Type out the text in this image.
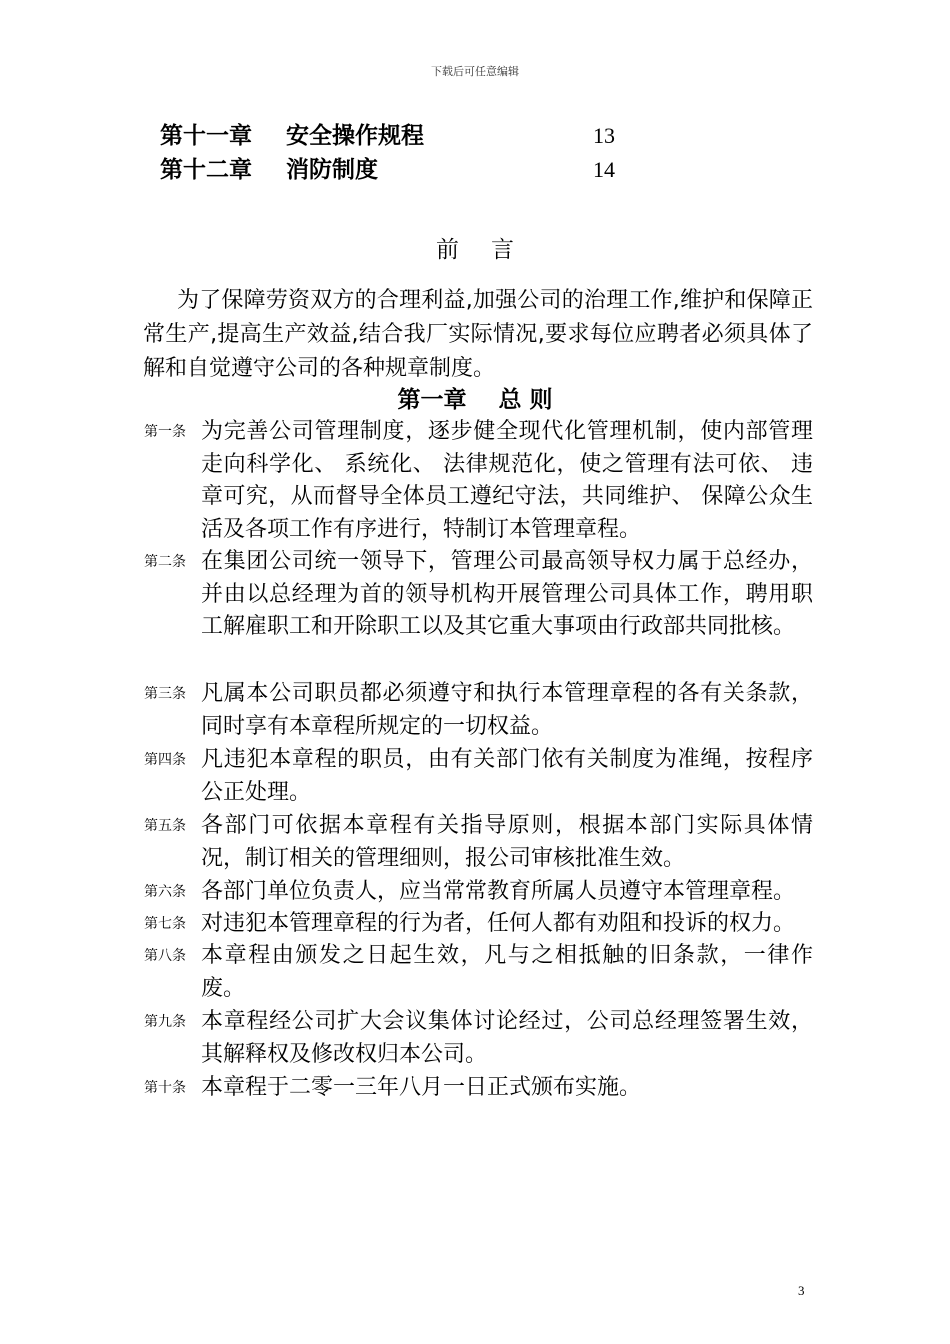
下载后可任意编辑
第十一章 安全操作规程	13
第十二章 消防制度	14
前言
为了保障劳资双方的合理利益,加强公司的治理工作,维护和保障正常生产,提高生产效益,结合我厂实际情况,要求每位应聘者必须具体了解和自觉遵守公司的各种规章制度。
第一章    总 则
第一条 为完善公司管理制度，逐步健全现代化管理机制，使内部管理走向科学化、 系统化、 法律规范化，使之管理有法可依、 违章可究，从而督导全体员工遵纪守法，共同维护、 保障公众生活及各项工作有序进行，特制订本管理章程。
第二条 在集团公司统一领导下，管理公司最高领导权力属于总经办，并由以总经理为首的领导机构开展管理公司具体工作，聘用职工解雇职工和开除职工以及其它重大事项由行政部共同批核。
第三条 凡属本公司职员都必须遵守和执行本管理章程的各有关条款，同时享有本章程所规定的一切权益。
第四条 凡违犯本章程的职员，由有关部门依有关制度为准绳，按程序公正处理。
第五条 各部门可依据本章程有关指导原则，根据本部门实际具体情况，制订相关的管理细则，报公司审核批准生效。
第六条 各部门单位负责人，应当常常教育所属人员遵守本管理章程。
第七条 对违犯本管理章程的行为者，任何人都有劝阻和投诉的权力。
第八条 本章程由颁发之日起生效，凡与之相抵触的旧条款，一律作废。
第九条 本章程经公司扩大会议集体讨论经过，公司总经理签署生效，其解释权及修改权归本公司。
第十条 本章程于二零一三年八月一日正式颁布实施。
3
